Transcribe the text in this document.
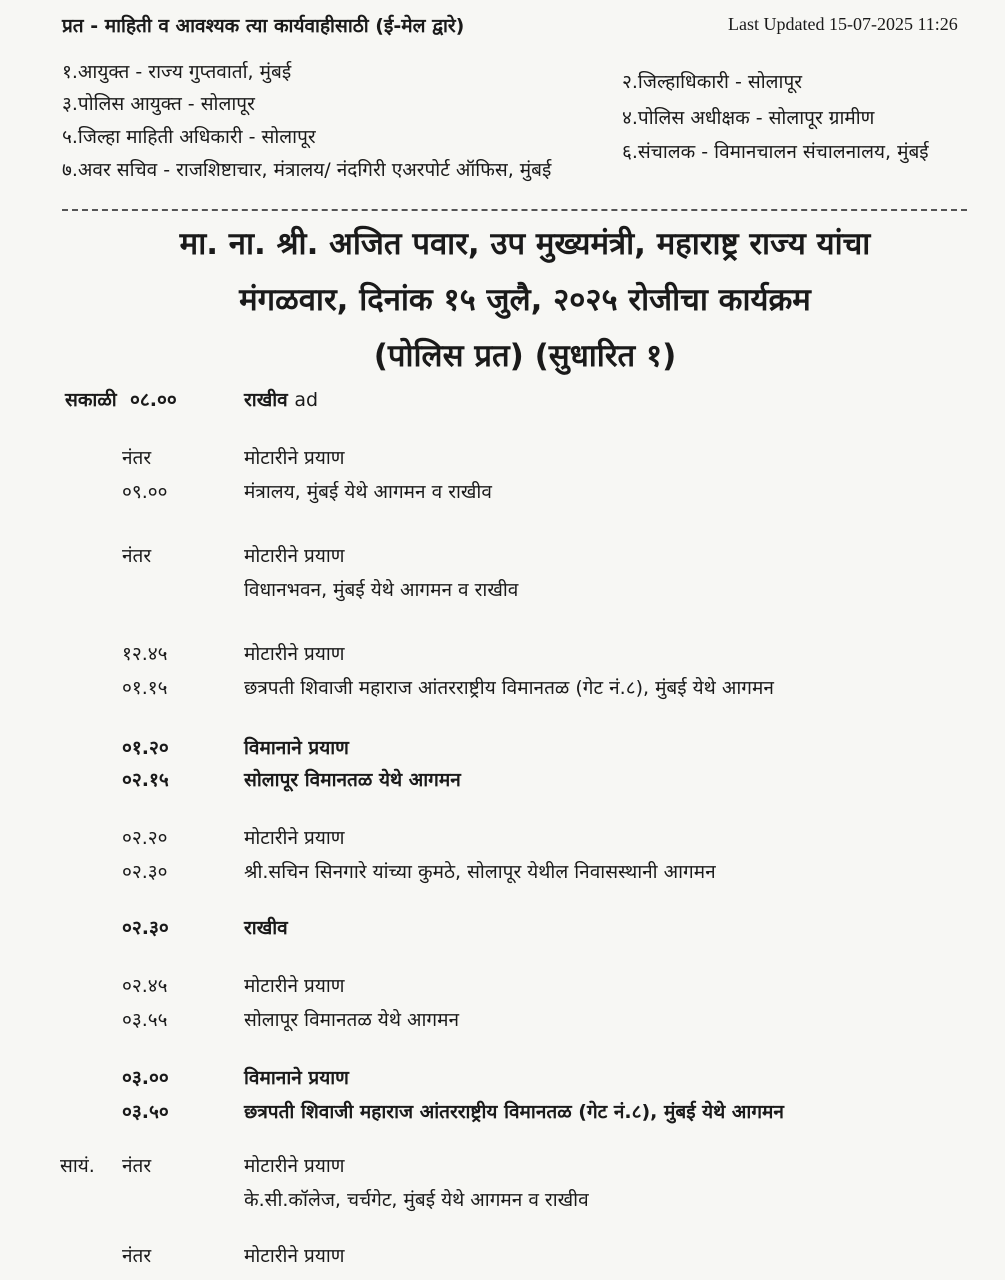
Last Updated 15-07-2025 11:26
प्रत - माहिती व आवश्यक त्या कार्यवाहीसाठी (ई-मेल द्वारे)
१.आयुक्त - राज्य गुप्तवार्ता, मुंबई	२.जिल्हाधिकारी - सोलापूर
३.पोलिस आयुक्त - सोलापूर
४.पोलिस अधीक्षक - सोलापूर ग्रामीण
५.जिल्हा माहिती अधिकारी - सोलापूर
६.संचालक - विमानचालन संचालनालय, मुंबई
७.अवर सचिव - राजशिष्टाचार, मंत्रालय/ नंदगिरी एअरपोर्ट ऑफिस, मुंबई
मा. ना. श्री. अजित पवार, उप मुख्यमंत्री, महाराष्ट्र राज्य यांचा
मंगळवार, दिनांक १५ जुलै, २०२५ रोजीचा कार्यक्रम
(पोलिस प्रत) (सुधारित १)
सकाळी ०८.००	राखीव ad
नंतर	मोटारीने प्रयाण
०९.००	मंत्रालय, मुंबई येथे आगमन व राखीव
नंतर	मोटारीने प्रयाण
विधानभवन, मुंबई येथे आगमन व राखीव
१२.४५	मोटारीने प्रयाण
०१.१५	छत्रपती शिवाजी महाराज आंतरराष्ट्रीय विमानतळ (गेट नं.८), मुंबई येथे आगमन
०१.२०	विमानाने प्रयाण
०२.१५	सोलापूर विमानतळ येथे आगमन
०२.२०	मोटारीने प्रयाण
०२.३०	श्री.सचिन सिनगारे यांच्या कुमठे, सोलापूर येथील निवासस्थानी आगमन
०२.३०	राखीव
०२.४५	मोटारीने प्रयाण
०३.५५	सोलापूर विमानतळ येथे आगमन
०३.००	विमानाने प्रयाण
०३.५०	छत्रपती शिवाजी महाराज आंतरराष्ट्रीय विमानतळ (गेट नं.८), मुंबई येथे आगमन
सायं. नंतर	मोटारीने प्रयाण
के.सी.कॉलेज, चर्चगेट, मुंबई येथे आगमन व राखीव
नंतर	मोटारीने प्रयाण
